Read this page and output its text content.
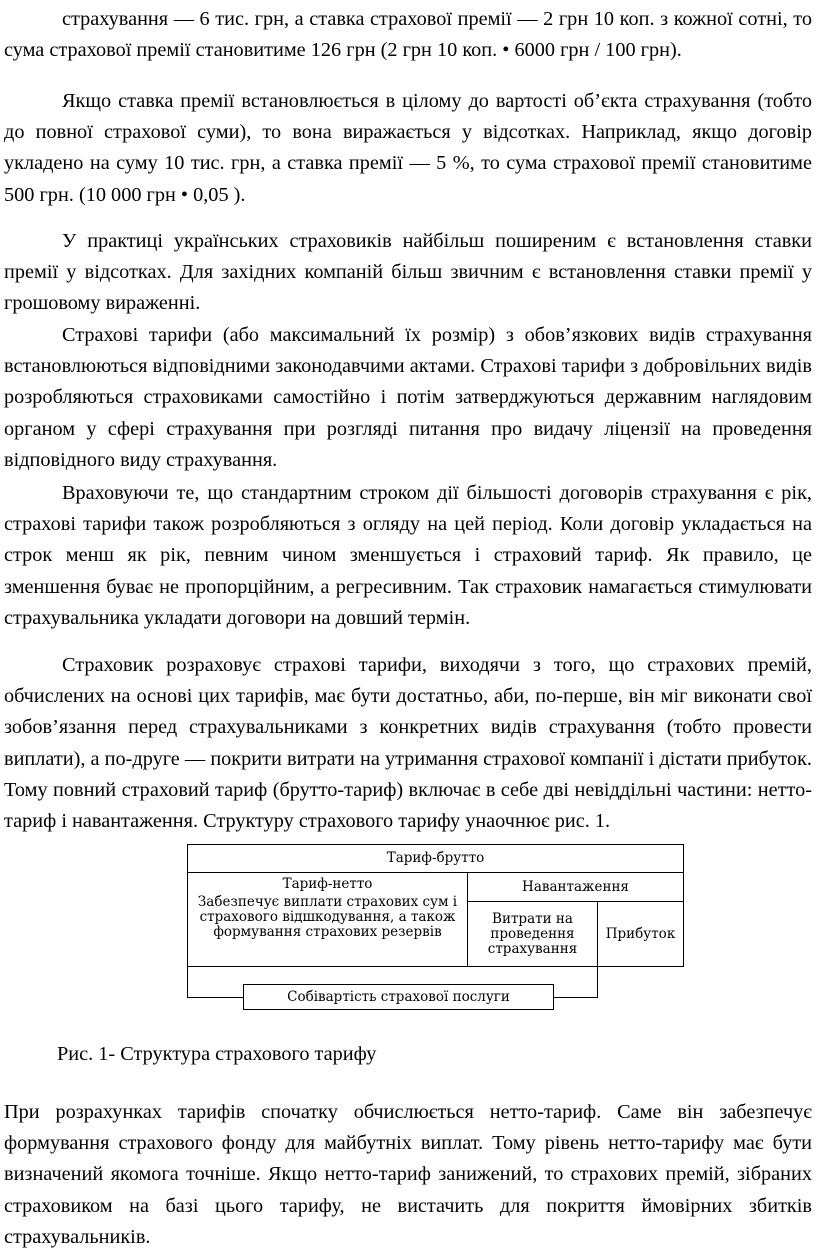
страхування — 6 тис. грн, а ставка страхової премії — 2 грн 10 коп. з кожної сотні, то сума страхової премії становитиме 126 грн (2 грн 10 коп. • 6000 грн / 100 грн).

Якщо ставка премії встановлюється в цілому до вартості об’єкта страхування (тобто до повної страхової суми), то вона виражається у відсотках. Наприклад, якщо договір укладено на суму 10 тис. грн, а ставка премії — 5 %, то сума страхової премії становитиме 500 грн. (10 000 грн • 0,05 ).

У практиці українських страховиків найбільш поширеним є встановлення ставки премії у відсотках. Для західних компаній більш звичним є встановлення ставки премії у грошовому вираженні.

Страхові тарифи (або максимальний їх розмір) з обов’язкових видів страхування встановлюються відповідними законодавчими актами. Страхові тарифи з добровільних видів розробляються страховиками самостійно і потім затверджуються державним наглядовим органом у сфері страхування при розгляді питання про видачу ліцензії на проведення відповідного виду страхування.

Враховуючи те, що стандартним строком дії більшості договорів страхування є рік, страхові тарифи також розробляються з огляду на цей період. Коли договір укладається на строк менш як рік, певним чином зменшується і страховий тариф. Як правило, це зменшення буває не пропорційним, а регресивним. Так страховик намагається стимулювати страхувальника укладати договори на довший термін.

Страховик розраховує страхові тарифи, виходячи з того, що страхових премій, обчислених на основі цих тарифів, має бути достатньо, аби, по-перше, він міг виконати свої зобов’язання перед страхувальниками з конкретних видів страхування (тобто провести виплати), а по-друге — покрити витрати на утримання страхової компанії і дістати прибуток. Тому повний страховий тариф (брутто-тариф) включає в себе дві невіддільні частини: нетто-тариф і навантаження. Структуру страхового тарифу унаочнює рис. 1.

Тариф-брутто
Тариф-нетто
Забезпечує виплати страхових сум і страхового відшкодування, а також формування страхових резервів
Навантаження
Витрати на проведення страхування
Прибуток
Собівартість страхової послуги

Рис. 1- Структура страхового тарифу

При розрахунках тарифів спочатку обчислюється нетто-тариф. Саме він забезпечує формування страхового фонду для майбутніх виплат. Тому рівень нетто-тарифу має бути визначений якомога точніше. Якщо нетто-тариф занижений, то страхових премій, зібраних страховиком на базі цього тарифу, не вистачить для покриття ймовірних збитків страхувальників.
